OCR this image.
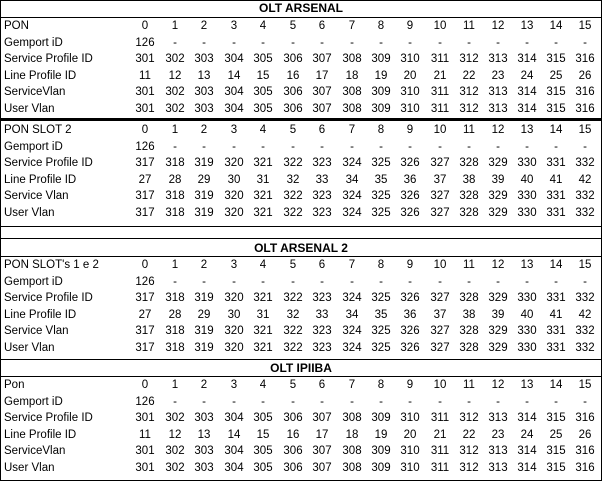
OLT ARSENAL
PON	0	1	2	3	4	5	6	7	8	9	10	11	12	13	14	15
Gemport iD	126	-	-	-	-	-	-	-	-	-	-	-	-	-	-	-
Service Profile ID	301 302 303 304 305 306 307 308 309 310 311 312 313 314 315 316
Line Profile ID	11	12	13	14	15	16	17	18	19	20	21	22	23	24	25	26
ServiceVlan	301 302 303 304 305 306 307 308 309 310 311 312 313 314 315 316
User Vlan	301 302 303 304 305 306 307 308 309 310 311 312 313 314 315 316
PON SLOT 2	0	1	2	3	4	5	6	7	8	9	10	11	12	13	14	15
Gemport iD	126	-	-	-	-	-	-	-	-	-	-	-	-	-	-	-
Service Profile ID	317 318 319 320 321 322 323 324 325 326 327 328 329 330 331 332
Line Profile ID	27	28	29	30	31	32	33	34	35	36	37	38	39	40	41	42
Service Vlan	317 318 319 320 321 322 323 324 325 326 327 328 329 330 331 332
User Vlan	317 318 319 320 321 322 323 324 325 326 327 328 329 330 331 332
OLT ARSENAL 2
PON SLOT's 1 e 2	0	1	2	3	4	5	6	7	8	9	10	11	12	13	14	15
Gemport iD	126	-	-	-	-	-	-	-	-	-	-	-	-	-	-	-
Service Profile ID	317 318 319 320 321 322 323 324 325 326 327 328 329 330 331 332
Line Profile ID	27	28	29	30	31	32	33	34	35	36	37	38	39	40	41	42
Service Vlan	317 318 319 320 321 322 323 324 325 326 327 328 329 330 331 332
User Vlan	317 318 319 320 321 322 323 324 325 326 327 328 329 330 331 332
OLT IPIIBA
Pon	0	1	2	3	4	5	6	7	8	9	10	11	12	13	14	15
Gemport iD	126	-	-	-	-	-	-	-	-	-	-	-	-	-	-	-
Service Profile ID	301 302 303 304 305 306 307 308 309 310 311 312 313 314 315 316
Line Profile ID	11	12	13	14	15	16	17	18	19	20	21	22	23	24	25	26
ServiceVlan	301 302 303 304 305 306 307 308 309 310 311 312 313 314 315 316
User Vlan	301 302 303 304 305 306 307 308 309 310 311 312 313 314 315 316
